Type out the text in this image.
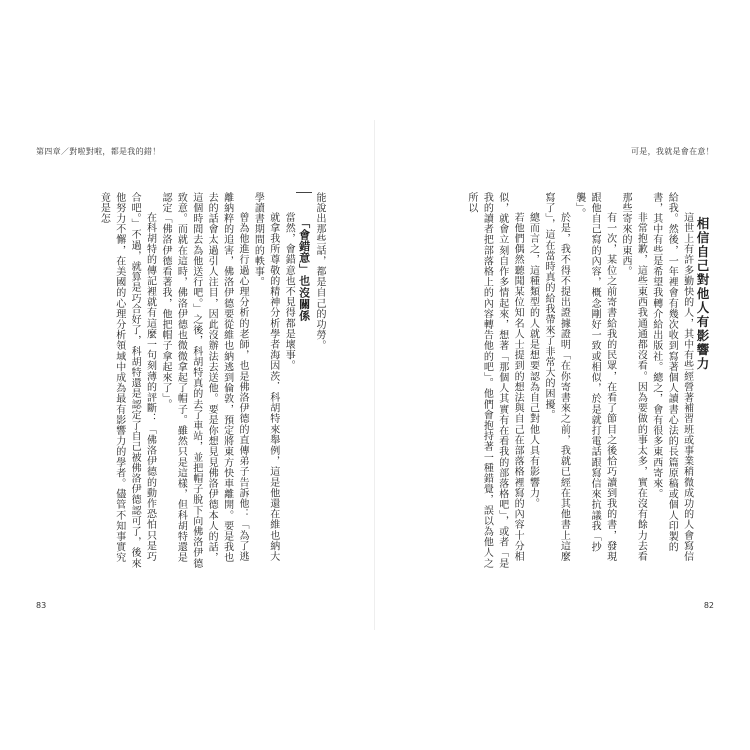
可是，我就是會在意！

相信自己對他人有影響力

這世上有許多勤快的人，其中有些經營著補習班或事業稍微成功的人會寫信給我。然後，一年裡會有幾次收到寫著個人讀書心法的長篇原稿或個人印製的書，其中有些是希望我轉介給出版社。總之，會有很多東西寄來。

非常抱歉，這些東西我通通都沒看。因為要做的事太多，實在沒有餘力去看那些寄來的東西。

有一次，某位之前寄書給我的民眾，在看了節目之後恰巧讀到我的書，發現跟他自己寫的內容，概念剛好一致或相似，於是就打電話跟寫信來抗議我「抄襲」。

於是，我不得不提出證據證明「在你寄書來之前，我就已經在其他書上這麼寫了」，這在當時真的給我帶來了非常大的困擾。

總而言之，這種類型的人就是想要認為自己對他人具有影響力。

若他們偶然聽聞某位知名人士提到的想法與自己在部落格裡寫的內容十分相似，就會立刻自作多情起來，想著「那個人其實有在看我的部落格吧」，或者「是我的讀者把部落格上的內容轉告他的吧」。他們會抱持著一種錯覺，誤以為他人之所以

82
第四章／對啦對啦，都是我的錯！

能說出那些話，都是自己的功勞。

「會錯意」也沒關係

當然，會錯意也不見得都是壞事。

就拿我所尊敬的精神分析學者海因茨．科胡特來舉例，這是他還在維也納大學讀書期間的軼事。

曾為他進行過心理分析的老師，也是佛洛伊德的直傳弟子告訴他：「為了逃離納粹的追害，佛洛伊德要從維也納逃到倫敦，預定將東方快車離開。要是我也去的話會太過引人注目，因此沒辦法去送他。要是你想見見佛洛伊德本人的話，這個時間去為他送行吧。」之後，科胡特真的去了車站，並把帽子脫下向佛洛伊德致意。而就在這時，佛洛伊德也微微拿起了帽子。雖然只是這樣，但科胡特還是認定「佛洛伊德看著我，他把帽子拿起來了」。

在科胡特的傳記裡就有這麼一句刻薄的評斷：「佛洛伊德的動作恐怕只是巧合吧。」不過，就算是巧合好了，科胡特還是認定了自己被佛洛伊德認可了，後來他努力不懈，在美國的心理分析領域中成為最有影響力的學者。儘管不知事實究竟是怎

83
